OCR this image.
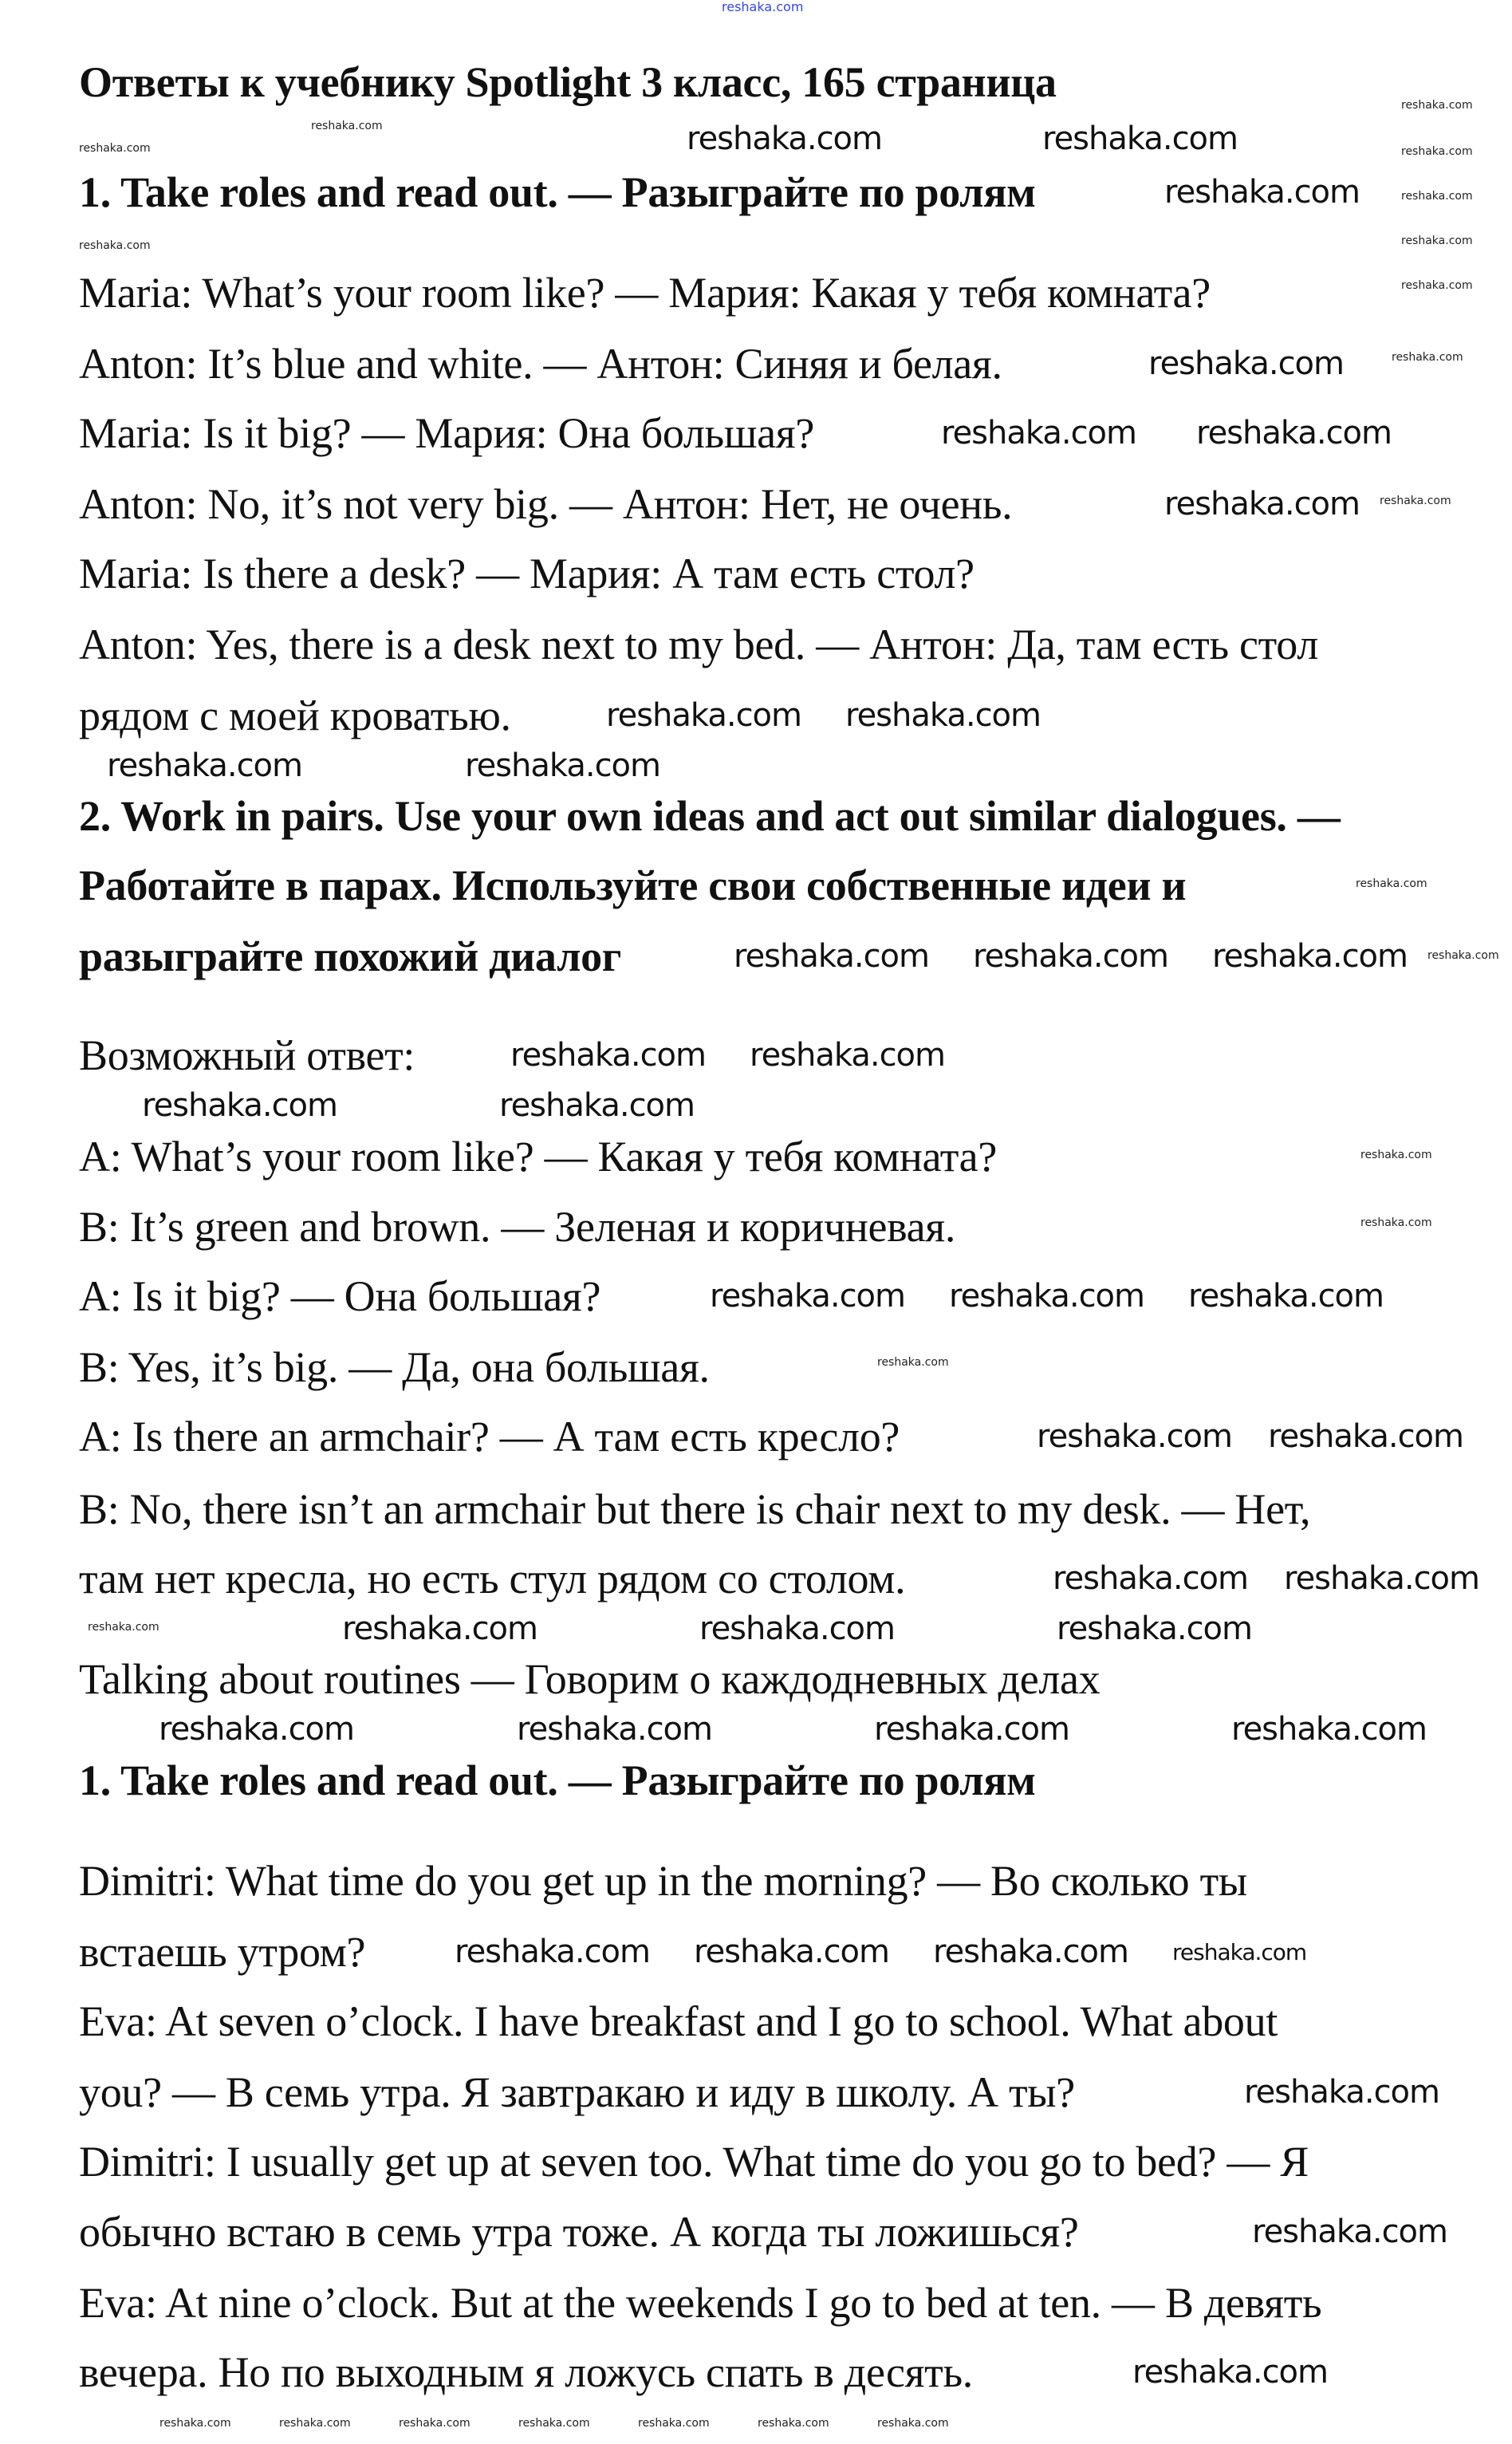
reshaka.com
Ответы к учебнику Spotlight 3 класс, 165 страница
1. Take roles and read out. — Разыграйте по ролям
Maria: What’s your room like? — Мария: Какая у тебя комната?
Anton: It’s blue and white. — Антон: Синяя и белая.
Maria: Is it big? — Мария: Она большая?
Anton: No, it’s not very big. — Антон: Нет, не очень.
Maria: Is there a desk? — Мария: А там есть стол?
Anton: Yes, there is a desk next to my bed. — Антон: Да, там есть стол
рядом с моей кроватью.
2. Work in pairs. Use your own ideas and act out similar dialogues. —
Работайте в парах. Используйте свои собственные идеи и
разыграйте похожий диалог
Возможный ответ:
A: What’s your room like? — Какая у тебя комната?
B: It’s green and brown. — Зеленая и коричневая.
A: Is it big? — Она большая?
B: Yes, it’s big. — Да, она большая.
A: Is there an armchair? — А там есть кресло?
B: No, there isn’t an armchair but there is chair next to my desk. — Нет,
там нет кресла, но есть стул рядом со столом.
Talking about routines — Говорим о каждодневных делах
1. Take roles and read out. — Разыграйте по ролям
Dimitri: What time do you get up in the morning? — Во сколько ты
встаешь утром?
Eva: At seven o’clock. I have breakfast and I go to school. What about
you? — В семь утра. Я завтракаю и иду в школу. А ты?
Dimitri: I usually get up at seven too. What time do you go to bed? — Я
обычно встаю в семь утра тоже. А когда ты ложишься?
Eva: At nine o’clock. But at the weekends I go to bed at ten. — В девять
вечера. Но по выходным я ложусь спать в десять.
reshaka.com	reshaka.com
reshaka.com
reshaka.com
reshaka.com reshaka.com
reshaka.com
reshaka.com	reshaka.com
reshaka.com reshaka.com
reshaka.com reshaka.com reshaka.com
reshaka.com reshaka.com
reshaka.com	reshaka.com
reshaka.com reshaka.com reshaka.com
reshaka.com reshaka.com
reshaka.com reshaka.com
reshaka.com	reshaka.com	reshaka.com
reshaka.com	reshaka.com	reshaka.com	reshaka.com
reshaka.com reshaka.com reshaka.com
reshaka.com
reshaka.com
reshaka.com
reshaka.com
reshaka.com
reshaka.com
reshaka.com
reshaka.com
reshaka.com
reshaka.com
reshaka.com
reshaka.com
reshaka.com
reshaka.com
reshaka.com
reshaka.com
reshaka.com
reshaka.com
reshaka.com
reshaka.com
reshaka.com	reshaka.com	reshaka.com	reshaka.com	reshaka.com	reshaka.com	reshaka.com
